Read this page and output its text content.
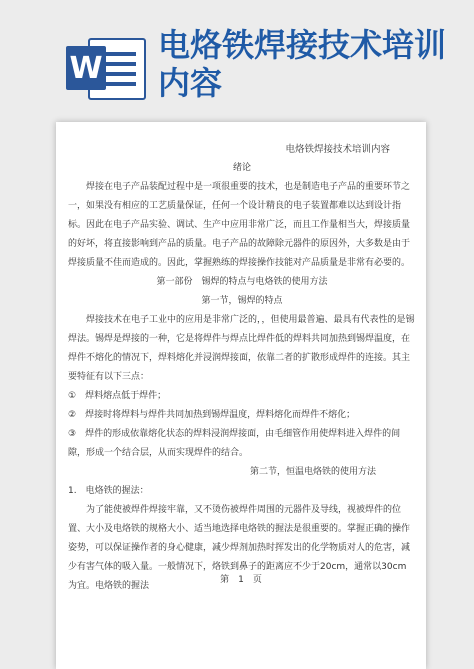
W
电烙铁焊接技术培训内容

电烙铁焊接技术培训内容

绪论

焊接在电子产品装配过程中是一项很重要的技术，也是制造电子产品的重要环节之一，如果没有相应的工艺质量保证，任何一个设计精良的电子装置都难以达到设计指标。因此在电子产品实验、调试、生产中应用非常广泛，而且工作量相当大，焊接质量的好坏，将直接影响到产品的质量。电子产品的故障除元器件的原因外，大多数是由于焊接质量不佳而造成的。因此，掌握熟练的焊接操作技能对产品质量是非常有必要的。

第一部份　锡焊的特点与电烙铁的使用方法

第一节，锡焊的特点

焊接技术在电子工业中的应用是非常广泛的，，但使用最普遍、最具有代表性的是锡焊法。锡焊是焊接的一种，它是将焊件与焊点比焊件低的焊料共同加热到锡焊温度，在焊件不熔化的情况下，焊料熔化并浸润焊接面，依靠二者的扩散形成焊件的连接。其主要特征有以下三点：

①　焊料熔点低于焊件；

②　焊接时将焊料与焊件共同加热到锡焊温度，焊料熔化而焊件不熔化；

③　焊件的形成依靠熔化状态的焊料浸润焊接面，由毛细管作用使焊料进入焊件的间隙，形成一个结合层，从而实现焊件的结合。

第二节，恒温电烙铁的使用方法

1.　电烙铁的握法：

为了能使被焊件焊接牢靠，又不烫伤被焊件周围的元器件及导线，视被焊件的位置、大小及电烙铁的规格大小、适当地选择电烙铁的握法是很重要的。掌握正确的操作姿势，可以保证操作者的身心健康，减少焊剂加热时挥发出的化学物质对人的危害，减少有害气体的吸入量。一般情况下，烙铁到鼻子的距离应不少于20cm，通常以30cm 为宜。电烙铁的握法

第　1　页
